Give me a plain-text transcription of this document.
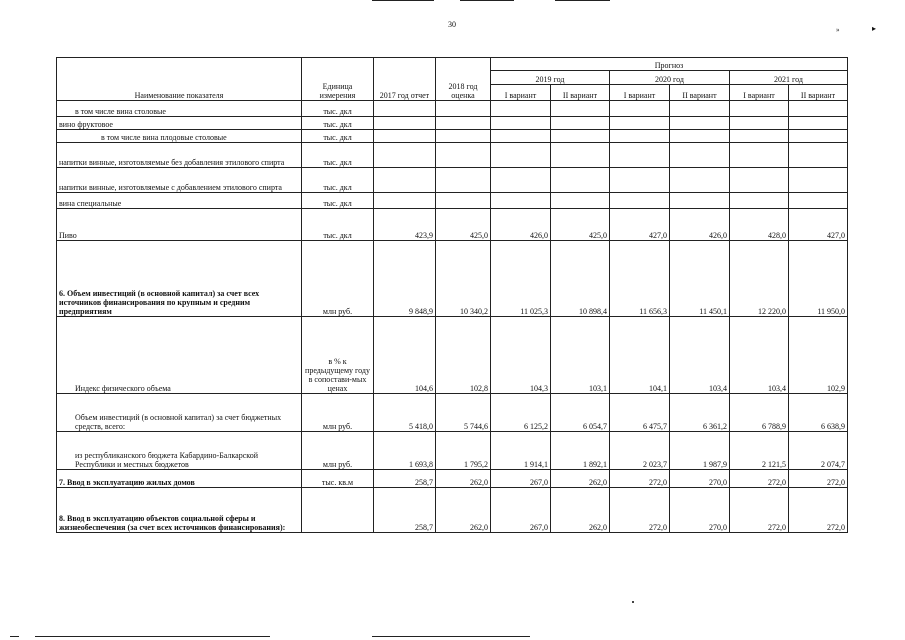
30
»	▸
Наименование показателя	Единица измерения	2017 год отчет	2018 год оценка	Прогноз					
				2019 год		2020 год		2021 год	
				I вариант	II вариант	I вариант	II вариант	I вариант	II вариант
в том числе вина столовые	тыс. дкл								
вино фруктовое	тыс. дкл								
в том числе вина плодовые столовые	тыс. дкл								
напитки винные, изготовляемые без добавления этилового спирта	тыс. дкл								
напитки винные, изготовляемые с добавлением этилового спирта	тыс. дкл								
вина специальные	тыс. дкл								
Пиво	тыс. дкл	423,9	425,0	426,0	425,0	427,0	426,0	428,0	427,0
6. Объем инвестиций (в основной капитал) за счет всех источников финансирования по крупным и средним предприятиям	млн руб.	9 848,9	10 340,2	11 025,3	10 898,4	11 656,3	11 450,1	12 220,0	11 950,0
Индекс физического объема	в % к предыдущему году в сопостави-мых ценах	104,6	102,8	104,3	103,1	104,1	103,4	103,4	102,9
Объем инвестиций (в основной капитал) за счет бюджетных средств, всего:	млн руб.	5 418,0	5 744,6	6 125,2	6 054,7	6 475,7	6 361,2	6 788,9	6 638,9
из республиканского бюджета Кабардино-Балкарской Республики и местных бюджетов	млн руб.	1 693,8	1 795,2	1 914,1	1 892,1	2 023,7	1 987,9	2 121,5	2 074,7
7. Ввод в эксплуатацию жилых домов	тыс. кв.м	258,7	262,0	267,0	262,0	272,0	270,0	272,0	272,0
8. Ввод в эксплуатацию объектов социальной сферы и жизнеобеспечения (за счет всех источников финансирования):		258,7	262,0	267,0	262,0	272,0	270,0	272,0	272,0
